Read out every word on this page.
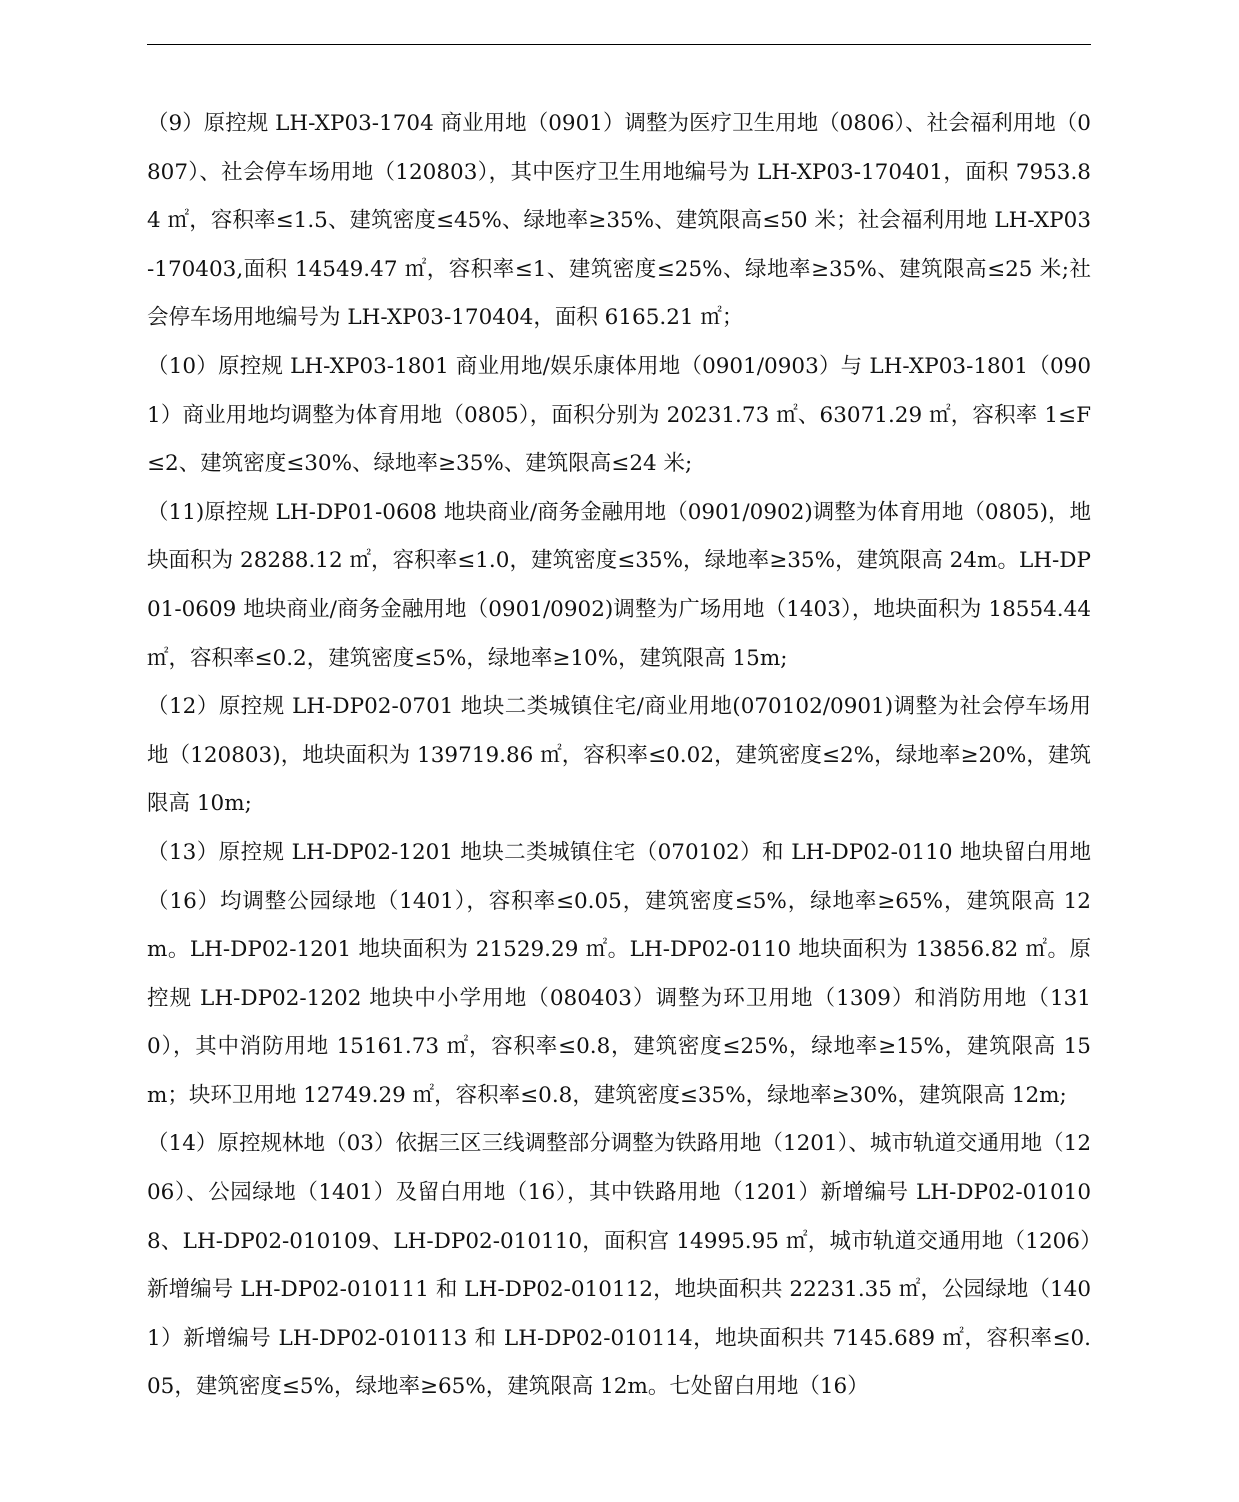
（9）原控规 LH-XP03-1704 商业用地（0901）调整为医疗卫生用地（0806）、社会福利用地（0807）、社会停车场用地（120803），其中医疗卫生用地编号为 LH-XP03-170401，面积 7953.84 ㎡，容积率≤1.5、建筑密度≤45%、绿地率≥35%、建筑限高≤50 米；社会福利用地 LH-XP03-170403,面积 14549.47 ㎡，容积率≤1、建筑密度≤25%、绿地率≥35%、建筑限高≤25 米;社会停车场用地编号为 LH-XP03-170404，面积 6165.21 ㎡；

（10）原控规 LH-XP03-1801 商业用地/娱乐康体用地（0901/0903）与 LH-XP03-1801（0901）商业用地均调整为体育用地（0805），面积分别为 20231.73 ㎡、63071.29 ㎡，容积率 1≤F≤2、建筑密度≤30%、绿地率≥35%、建筑限高≤24 米;

（11)原控规 LH-DP01-0608 地块商业/商务金融用地（0901/0902)调整为体育用地（0805)，地块面积为 28288.12 ㎡，容积率≤1.0，建筑密度≤35%，绿地率≥35%，建筑限高 24m。LH-DP01-0609 地块商业/商务金融用地（0901/0902)调整为广场用地（1403），地块面积为 18554.44 ㎡，容积率≤0.2，建筑密度≤5%，绿地率≥10%，建筑限高 15m;

（12）原控规 LH-DP02-0701 地块二类城镇住宅/商业用地(070102/0901)调整为社会停车场用地（120803)，地块面积为 139719.86 ㎡，容积率≤0.02，建筑密度≤2%，绿地率≥20%，建筑限高 10m;

（13）原控规 LH-DP02-1201 地块二类城镇住宅（070102）和 LH-DP02-0110 地块留白用地（16）均调整公园绿地（1401），容积率≤0.05，建筑密度≤5%，绿地率≥65%，建筑限高 12m。LH-DP02-1201 地块面积为 21529.29 ㎡。LH-DP02-0110 地块面积为 13856.82 ㎡。原控规 LH-DP02-1202 地块中小学用地（080403）调整为环卫用地（1309）和消防用地（1310），其中消防用地 15161.73 ㎡，容积率≤0.8，建筑密度≤25%，绿地率≥15%，建筑限高 15m；块环卫用地 12749.29 ㎡，容积率≤0.8，建筑密度≤35%，绿地率≥30%，建筑限高 12m;

（14）原控规林地（03）依据三区三线调整部分调整为铁路用地（1201）、城市轨道交通用地（1206）、公园绿地（1401）及留白用地（16），其中铁路用地（1201）新增编号 LH-DP02-010108、LH-DP02-010109、LH-DP02-010110，面积宫 14995.95 ㎡，城市轨道交通用地（1206）新增编号 LH-DP02-010111 和 LH-DP02-010112，地块面积共 22231.35 ㎡，公园绿地（1401）新增编号 LH-DP02-010113 和 LH-DP02-010114，地块面积共 7145.689 ㎡，容积率≤0.05，建筑密度≤5%，绿地率≥65%，建筑限高 12m。七处留白用地（16）
